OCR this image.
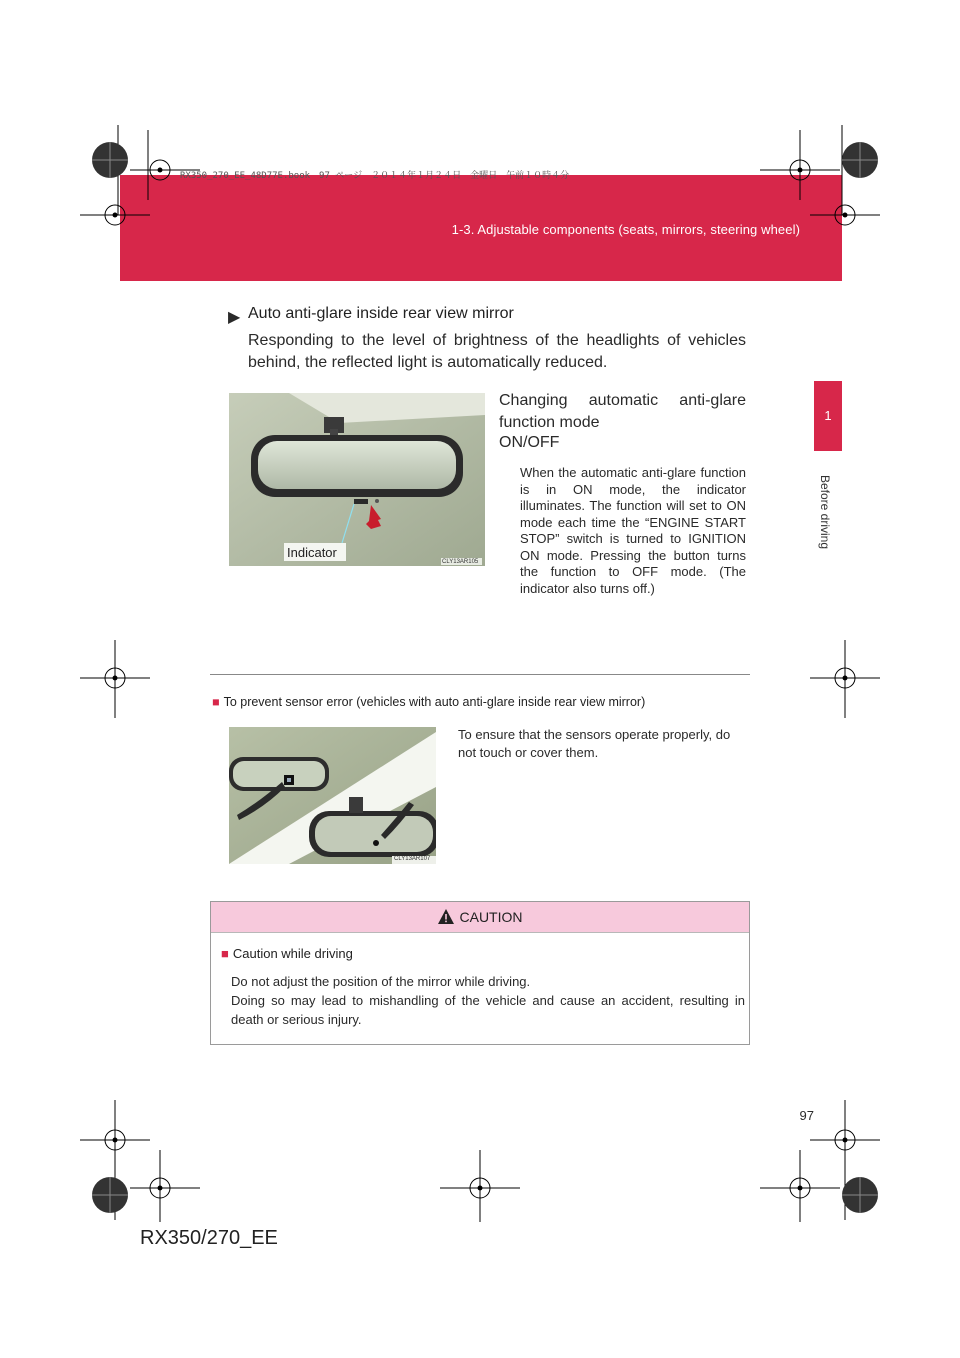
1-3. Adjustable components (seats, mirrors, steering wheel)
RX350_270_EE_48D77E.book　97 ページ　２０１４年１月２４日　金曜日　午前１０時４分
1
Before driving
▶ Auto anti-glare inside rear view mirror
Responding to the level of brightness of the headlights of vehicles behind, the reflected light is automatically reduced.
Indicator
CLY13AR105
Changing automatic anti-glare function mode
ON/OFF
When the automatic anti-glare function is in ON mode, the indicator illuminates. The function will set to ON mode each time the “ENGINE START STOP” switch is turned to IGNITION ON mode. Pressing the button turns the function to OFF mode. (The indicator also turns off.)
■ To prevent sensor error (vehicles with auto anti-glare inside rear view mirror)
CLY13AR107
To ensure that the sensors operate properly, do not touch or cover them.
CAUTION
■ Caution while driving
Do not adjust the position of the mirror while driving.
Doing so may lead to mishandling of the vehicle and cause an accident, resulting in death or serious injury.
97
RX350/270_EE
